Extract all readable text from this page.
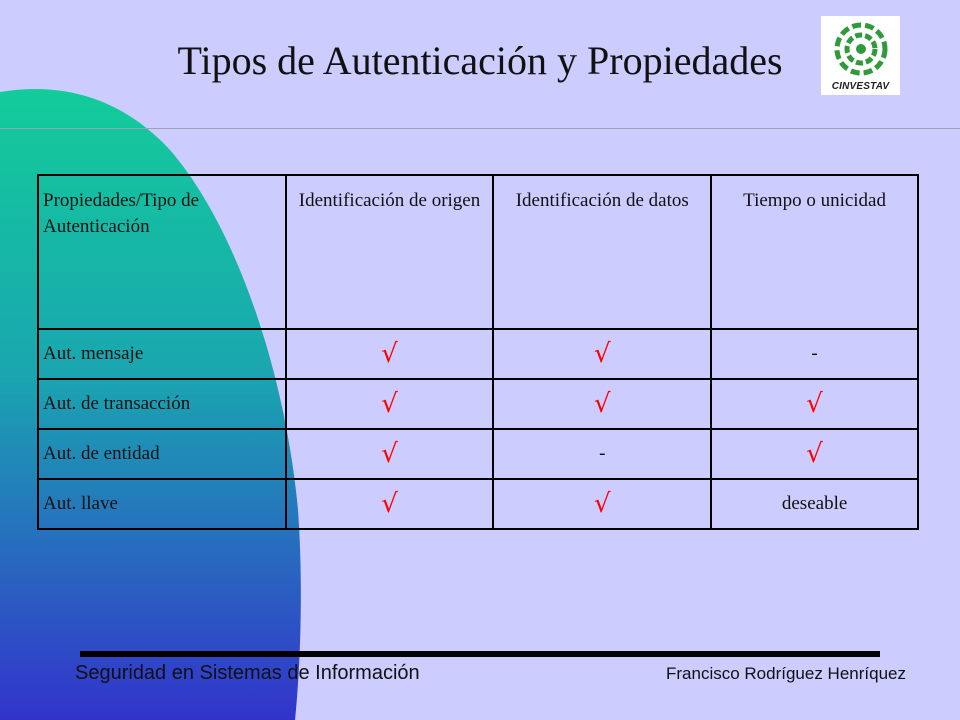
Tipos de Autenticación y Propiedades
CINVESTAV
Propiedades/Tipo de Autenticación	Identificación de origen	Identificación de datos	Tiempo o unicidad
Aut. mensaje	√	√	-
Aut. de transacción	√	√	√
Aut. de entidad	√	-	√
Aut. llave	√	√	deseable
Seguridad en Sistemas de Información	Francisco Rodríguez Henríquez
